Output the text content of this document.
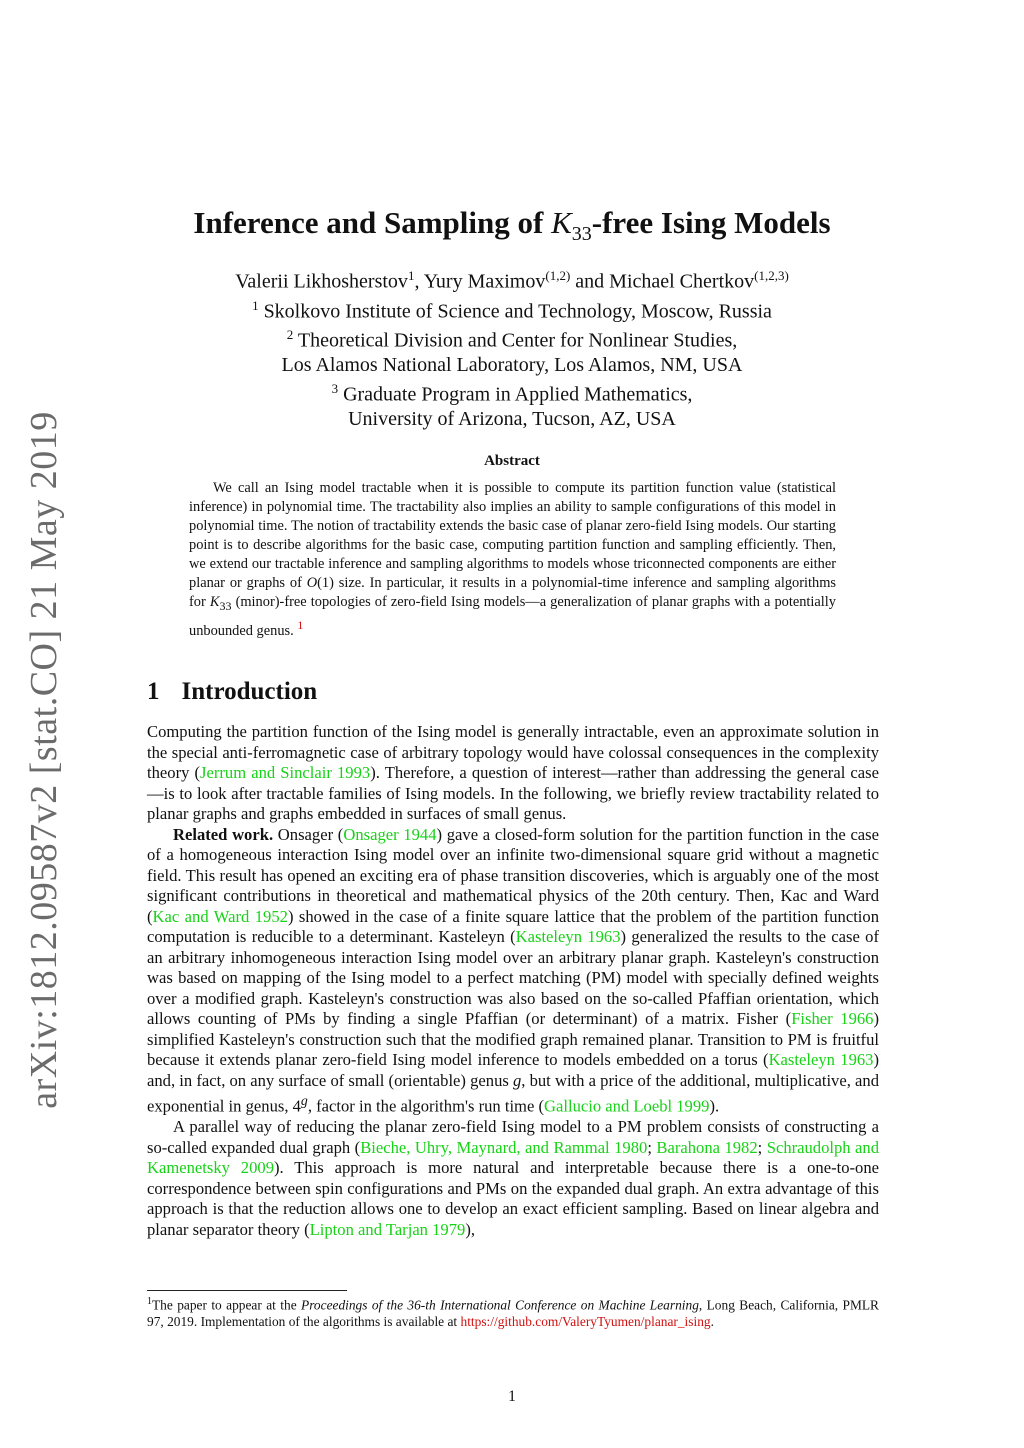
arXiv:1812.09587v2 [stat.CO] 21 May 2019
Inference and Sampling of $K_{33}$-free Ising Models
Valerii Likhosherstov$^1$, Yury Maximov$^{(1,2)}$ and Michael Chertkov$^{(1,2,3)}$
$^1$ Skolkovo Institute of Science and Technology, Moscow, Russia
$^2$ Theoretical Division and Center for Nonlinear Studies,
Los Alamos National Laboratory, Los Alamos, NM, USA
$^3$ Graduate Program in Applied Mathematics,
University of Arizona, Tucson, AZ, USA
Abstract

We call an Ising model tractable when it is possible to compute its partition function value (statistical inference) in polynomial time. The tractability also implies an ability to sample configurations of this model in polynomial time. The notion of tractability extends the basic case of planar zero-field Ising models. Our starting point is to describe algorithms for the basic case, computing partition function and sampling efficiently. Then, we extend our tractable inference and sampling algorithms to models whose triconnected components are either planar or graphs of O(1) size. In particular, it results in a polynomial-time inference and sampling algorithms for $K_{33}$ (minor)-free topologies of zero-field Ising models—a generalization of planar graphs with a potentially unbounded genus. $^1$

1 Introduction

Computing the partition function of the Ising model is generally intractable, even an approximate solution in the special anti-ferromagnetic case of arbitrary topology would have colossal consequences in the complexity theory (Jerrum and Sinclair 1993). Therefore, a question of interest—rather than addressing the general case—is to look after tractable families of Ising models. In the following, we briefly review tractability related to planar graphs and graphs embedded in surfaces of small genus.

Related work. Onsager (Onsager 1944) gave a closed-form solution for the partition function in the case of a homogeneous interaction Ising model over an infinite two-dimensional square grid without a magnetic field. This result has opened an exciting era of phase transition discoveries, which is arguably one of the most significant contributions in theoretical and mathematical physics of the 20th century. Then, Kac and Ward (Kac and Ward 1952) showed in the case of a finite square lattice that the problem of the partition function computation is reducible to a determinant. Kasteleyn (Kasteleyn 1963) generalized the results to the case of an arbitrary inhomogeneous interaction Ising model over an arbitrary planar graph. Kasteleyn's construction was based on mapping of the Ising model to a perfect matching (PM) model with specially defined weights over a modified graph. Kasteleyn's construction was also based on the so-called Pfaffian orientation, which allows counting of PMs by finding a single Pfaffian (or determinant) of a matrix. Fisher (Fisher 1966) simplified Kasteleyn's construction such that the modified graph remained planar. Transition to PM is fruitful because it extends planar zero-field Ising model inference to models embedded on a torus (Kasteleyn 1963) and, in fact, on any surface of small (orientable) genus g, but with a price of the additional, multiplicative, and exponential in genus, 4$^g$, factor in the algorithm's run time (Gallucio and Loebl 1999).

A parallel way of reducing the planar zero-field Ising model to a PM problem consists of constructing a so-called expanded dual graph (Bieche, Uhry, Maynard, and Rammal 1980; Barahona 1982; Schraudolph and Kamenetsky 2009). This approach is more natural and interpretable because there is a one-to-one correspondence between spin configurations and PMs on the expanded dual graph. An extra advantage of this approach is that the reduction allows one to develop an exact efficient sampling. Based on linear algebra and planar separator theory (Lipton and Tarjan 1979),

$^1$The paper to appear at the Proceedings of the 36-th International Conference on Machine Learning, Long Beach, California, PMLR 97, 2019. Implementation of the algorithms is available at https://github.com/ValeryTyumen/planar_ising.
1
